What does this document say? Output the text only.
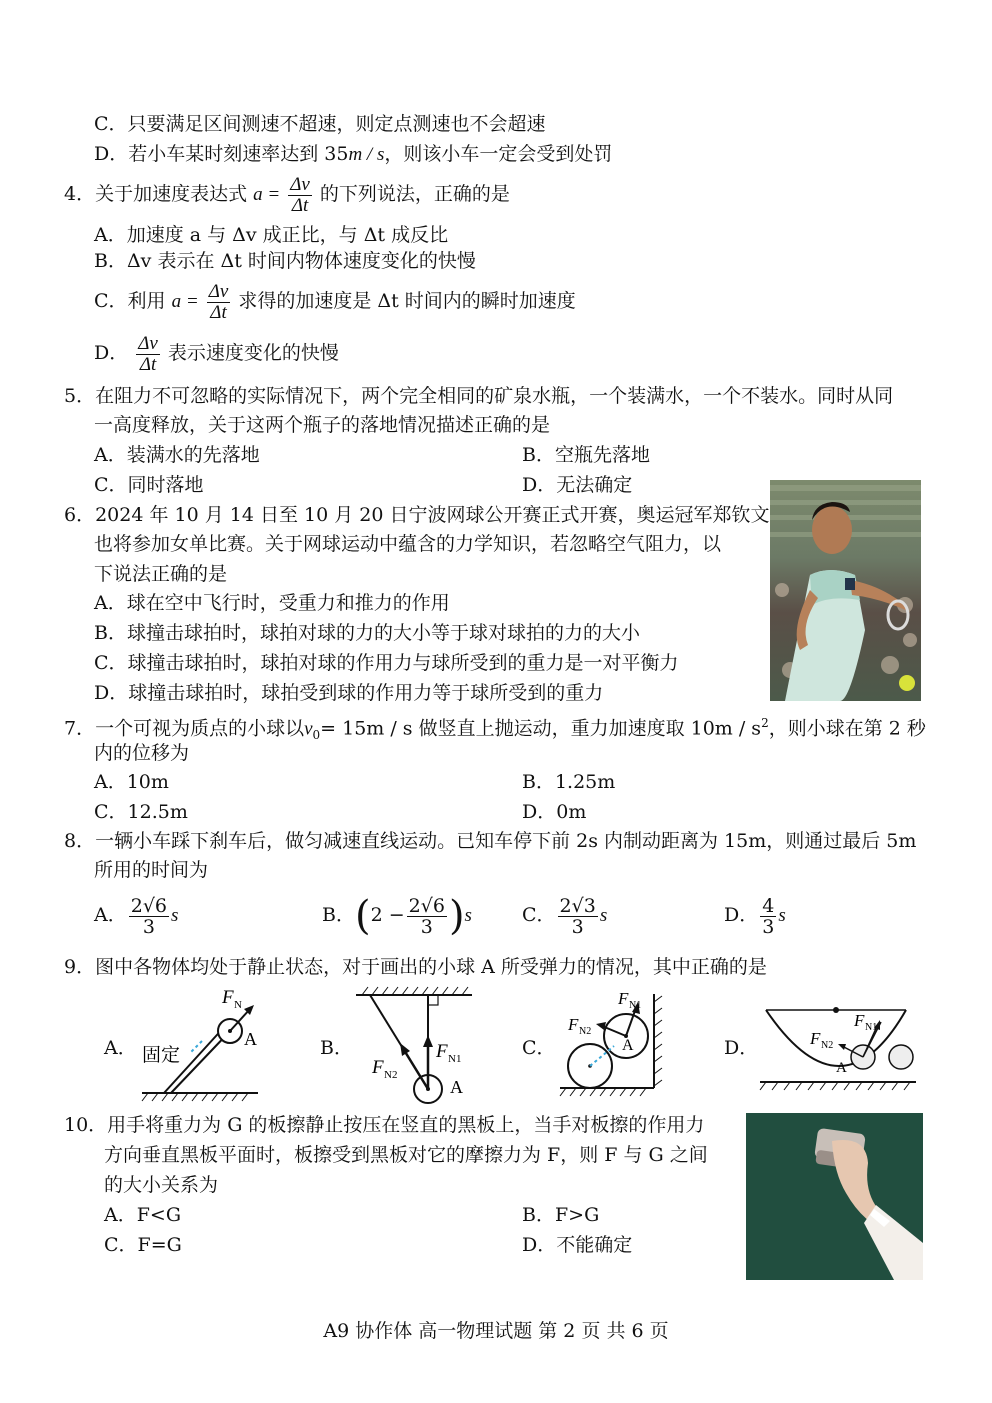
C．只要满足区间测速不超速，则定点测速也不会超速
D．若小车某时刻速率达到 35m / s，则该小车一定会受到处罚
4．关于加速度表达式 $a = \frac{\Delta v}{\Delta t}$ 的下列说法，正确的是
A．加速度 a 与 Δv 成正比，与 Δt 成反比
B．Δv 表示在 Δt 时间内物体速度变化的快慢
C．利用 $a = \frac{\Delta v}{\Delta t}$ 求得的加速度是 Δt 时间内的瞬时加速度
D． $\frac{\Delta v}{\Delta t}$ 表示速度变化的快慢
5．在阻力不可忽略的实际情况下，两个完全相同的矿泉水瓶，一个装满水，一个不装水。同时从同
一高度释放，关于这两个瓶子的落地情况描述正确的是
A．装满水的先落地	B．空瓶先落地
C．同时落地	D．无法确定
6．2024 年 10 月 14 日至 10 月 20 日宁波网球公开赛正式开赛，奥运冠军郑钦文
也将参加女单比赛。关于网球运动中蕴含的力学知识，若忽略空气阻力，以
下说法正确的是
A．球在空中飞行时，受重力和推力的作用
B．球撞击球拍时，球拍对球的力的大小等于球对球拍的力的大小
C．球撞击球拍时，球拍对球的作用力与球所受到的重力是一对平衡力
D．球撞击球拍时，球拍受到球的作用力等于球所受到的重力
7．一个可视为质点的小球以$v_0= 15m / s$ 做竖直上抛运动，重力加速度取 $10m / s^2$，则小球在第 2 秒
内的位移为
A．10m	B．1.25m
C．12.5m	D．0m
8．一辆小车踩下刹车后，做匀减速直线运动。已知车停下前 2s 内制动距离为 15m，则通过最后 5m
所用的时间为
A． $\frac{2√6}{3}$ s	B．$(2 - \frac{2√6}{3} )s$	C． $\frac{2√3}{3}$ s	D． $\frac{4}{3}$ s
9．图中各物体均处于静止状态，对于画出的小球 A 所受弹力的情况，其中正确的是
A．	B．	C．	D．
F N
A
固定	F N1
F N2
A
F N1
F N2
A
F N1
F N2
A
10．用手将重力为 G 的板擦静止按压在竖直的黑板上，当手对板擦的作用力
方向垂直黑板平面时，板擦受到黑板对它的摩擦力为 F，则 F 与 G 之间
的大小关系为
A．F<G	B．F>G
C．F=G	D．不能确定
A9 协作体 高一物理试题 第 2 页 共 6 页
